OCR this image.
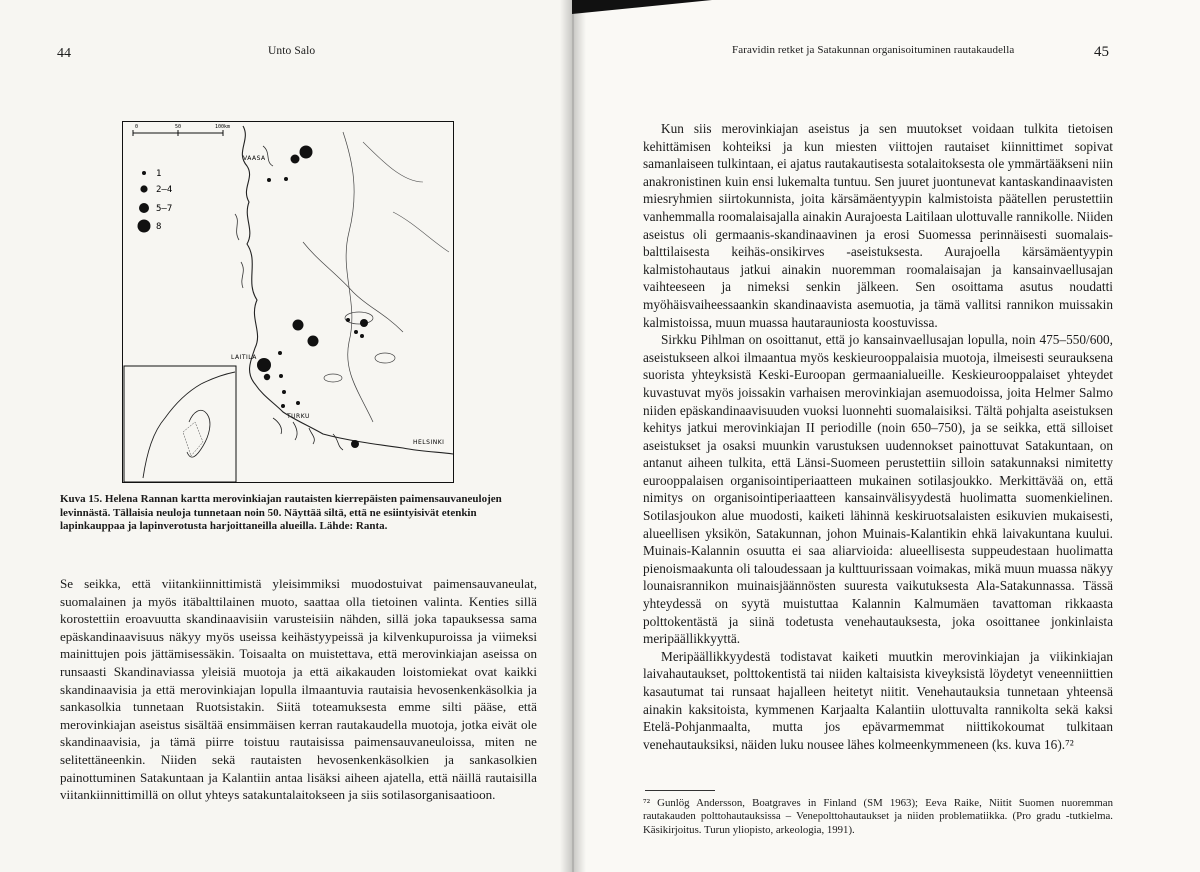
44	Unto Salo
0	50	100km
1
2–4
5–7
8
VAASA
LAITILA
TURKU
HELSINKI
Kuva 15. Helena Rannan kartta merovinkiajan rautaisten kierrepäisten paimensauvaneulojen levinnästä. Tällaisia neuloja tunnetaan noin 50. Näyttää siltä, että ne esiintyisivät etenkin lapinkauppaa ja lapinverotusta harjoittaneilla alueilla. Lähde: Ranta.

Se seikka, että viitankiinnittimistä yleisimmiksi muodostuivat paimensauvaneulat, suomalainen ja myös itäbalttilainen muoto, saattaa olla tietoinen valinta. Kenties sillä korostettiin eroavuutta skandinaavisiin varusteisiin nähden, sillä joka tapauksessa sama epäskandinaavisuus näkyy myös useissa keihästyypeissä ja kilvenkupuroissa ja viimeksi mainittujen pois jättämisessäkin. Toisaalta on muistettava, että merovinkiajan aseissa on runsaasti Skandinaviassa yleisiä muotoja ja että aikakauden loistomiekat ovat kaikki skandinaavisia ja että merovinkiajan lopulla ilmaantuvia rautaisia hevosenkenkäsolkia ja sankasolkia tunnetaan Ruotsistakin. Siitä toteamuksesta emme silti pääse, että merovinkiajan aseistus sisältää ensimmäisen kerran rautakaudella muotoja, jotka eivät ole skandinaavisia, ja tämä piirre toistuu rautaisissa paimensauvaneuloissa, miten ne selitettäneenkin. Niiden sekä rautaisten hevosenkenkäsolkien ja sankasolkien painottuminen Satakuntaan ja Kalantiin antaa lisäksi aiheen ajatella, että näillä rautaisilla viitankiinnittimillä on ollut yhteys satakuntalaitokseen ja siis sotilasorganisaatioon.

Faravidin retket ja Satakunnan organisoituminen rautakaudella	45

Kun siis merovinkiajan aseistus ja sen muutokset voidaan tulkita tietoisen kehittämisen kohteiksi ja kun miesten viittojen rautaiset kiinnittimet sopivat samanlaiseen tulkintaan, ei ajatus rautakautisesta sotalaitoksesta ole ymmärtääkseni niin anakronistinen kuin ensi lukemalta tuntuu. Sen juuret juontunevat kantaskandinaavisten miesryhmien siirtokunnista, joita kärsämäentyypin kalmistoista päätellen perustettiin vanhemmalla roomalaisajalla ainakin Aurajoesta Laitilaan ulottuvalle rannikolle. Niiden aseistus oli germaanis-skandinaavinen ja erosi Suomessa perinnäisesti suomalais-balttilaisesta keihäs-onsikirves -aseistuksesta. Aurajoella kärsämäentyypin kalmistohautaus jatkui ainakin nuoremman roomalaisajan ja kansainvaellusajan vaihteeseen ja nimeksi senkin jälkeen. Sen osoittama asutus noudatti myöhäisvaiheessaankin skandinaavista asemuotia, ja tämä vallitsi rannikon muissakin kalmistoissa, muun muassa hautarauniosta koostuvissa.

Sirkku Pihlman on osoittanut, että jo kansainvaellusajan lopulla, noin 475–550/600, aseistukseen alkoi ilmaantua myös keskieurooppalaisia muotoja, ilmeisesti seurauksena suorista yhteyksistä Keski-Euroopan germaanialueille. Keskieurooppalaiset yhteydet kuvastuvat myös joissakin varhaisen merovinkiajan asemuodoissa, joita Helmer Salmo niiden epäskandinaavisuuden vuoksi luonnehti suomalaisiksi. Tältä pohjalta aseistuksen kehitys jatkui merovinkiajan II periodille (noin 650–750), ja se seikka, että silloiset aseistukset ja osaksi muunkin varustuksen uudennokset painottuvat Satakuntaan, on antanut aiheen tulkita, että Länsi-Suomeen perustettiin silloin satakunnaksi nimitetty eurooppalaisen organisointiperiaatteen mukainen sotilasjoukko. Merkittävää on, että nimitys on organisointiperiaatteen kansainvälisyydestä huolimatta suomenkielinen. Sotilasjoukon alue muodosti, kaiketi lähinnä keskiruotsalaisten esikuvien mukaisesti, alueellisen yksikön, Satakunnan, johon Muinais-Kalantikin ehkä laivakuntana kuului. Muinais-Kalannin osuutta ei saa aliarvioida: alueellisesta suppeudestaan huolimatta pienoismaakunta oli taloudessaan ja kulttuurissaan voimakas, mikä muun muassa näkyy lounaisrannikon muinaisjäännösten suuresta vaikutuksesta Ala-Satakunnassa. Tässä yhteydessä on syytä muistuttaa Kalannin Kalmumäen tavattoman rikkaasta polttokentästä ja siinä todetusta venehautauksesta, joka osoittanee jonkinlaista meripäällikkyyttä.

Meripäällikkyydestä todistavat kaiketi muutkin merovinkiajan ja viikinkiajan laivahautaukset, polttokentistä tai niiden kaltaisista kiveyksistä löydetyt veneenniittien kasautumat tai runsaat hajalleen heitetyt niitit. Venehautauksia tunnetaan yhteensä ainakin kaksitoista, kymmenen Karjaalta Kalantiin ulottuvalta rannikolta sekä kaksi Etelä-Pohjanmaalta, mutta jos epävarmemmat niittikokoumat tulkitaan venehautauksiksi, näiden luku nousee lähes kolmeenkymmeneen (ks. kuva 16).⁷²

⁷² Gunlög Andersson, Boatgraves in Finland (SM 1963); Eeva Raike, Niitit Suomen nuoremman rautakauden polttohautauksissa – Venepolttohautaukset ja niiden problematiikka. (Pro gradu -tutkielma. Käsikirjoitus. Turun yliopisto, arkeologia, 1991).
